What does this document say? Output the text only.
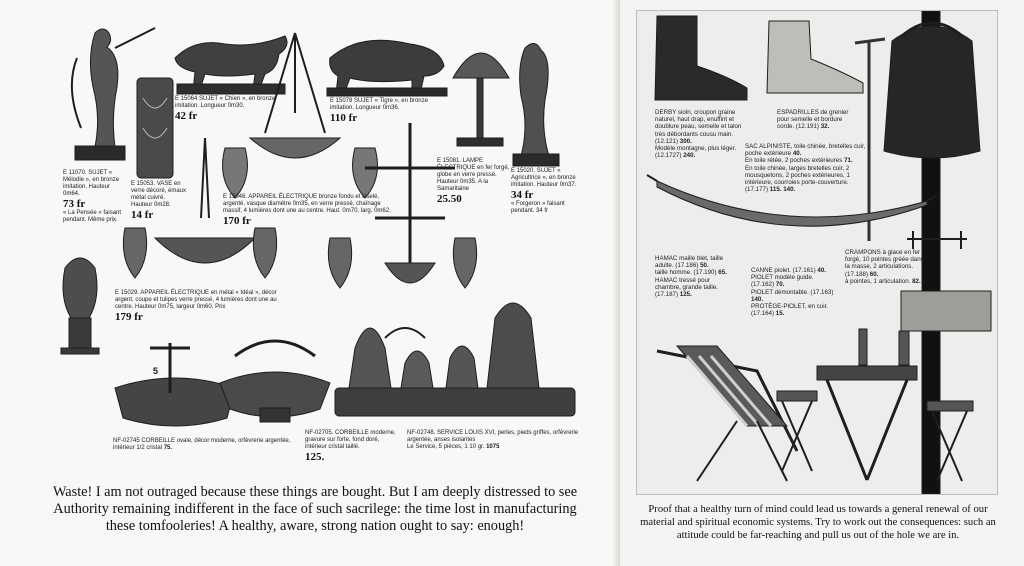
E 11070. SUJET « Mélodie », en bronze imitation. Hauteur 0m64.
73 fr
« La Pensée » faisant pendant. Même prix.
E 15064 SUJET « Chien », en bronze imitation. Longueur 0m30.
42 fr
E 15053. VASE en verre décoré, émaux métal cuivré. Hauteur 0m28.
14 fr
E 15078 SUJET « Tigre », en bronze imitation. Longueur 0m36.
110 fr
E 15046. APPAREIL ÉLECTRIQUE bronze fondu et ciselé, argenté, vasque diamètre 0m35, en verre pressé, chaînage massif, 4 lumières dont une au centre. Haut. 0m70, larg. 0m62.
170 fr
E 15081. LAMPE ÉLECTRIQUE en fer forgé, globe en verre pressé. Hauteur 0m35. A la Samaritaine
25.50
E 15020. SUJET « Agricultrice », en bronze imitation. Hauteur 0m37.
34 fr
« Forgeron » faisant pendant. 34 fr
E 15029. APPAREIL ÉLECTRIQUE en métal « Idéal », décor argent, coupe et tulipes verre pressé, 4 lumières dont une au centre. Hauteur 0m75, largeur 0m60. Prix
179 fr
NF-02745 CORBEILLE ovale, décor moderne, orfèvrerie argentée, intérieur 1/2 cristal 75.
NF-02705. CORBEILLE moderne, gravure sur forte, fond doré, intérieur cristal taillé.
125.
NF-02748. SERVICE LOUIS XVI, perles, pieds griffes, orfèvrerie argentée, anses isolantes
Le Service, 5 pièces, 1 10 gr. 1075
5
Waste! I am not outraged because these things are bought. But I am deeply distressed to see Authority remaining indifferent in the face of such sacrilege: the time lost in manufacturing these tomfooleries! A healthy, aware, strong nation ought to say: enough!
DERBY sioln, croupon graine naturel, haut drap, enuffint et doublure peau, semelle et talon très débordants cousu main. (12.121) 300.
Modèle montagne, plus léger. (12.1727) 240.
ESPADRILLES de grenier pour semelle et bordure corde. (12.191) 32.
SAC ALPINISTE, toile chinée, bretelles cuir, 1 poche extérieure 40.
En toile rétée, 2 poches extérieures 71.
En toile chinée, larges bretelles cuir, 2 mousquetons, 2 poches extérieures, 1 intérieure, courroies porte-couverture. (17.177) 115. 140.
HAMAC maille blet, taille adulte. (17.186) 50.
taille homme. (17.190) 65.
HAMAC tressé pour chambre, grande taille. (17.187) 125.
CANNE piolet. (17.161) 40.
PIOLET modèle guide. (17.162) 70.
PIOLET démontable. (17.163) 140.
PROTÈGE-PIOLET, en cuir. (17.164) 15.
CRAMPONS à glace en fer forgé, 10 pointes gréée dans la masse, 2 articulations. (17.188) 60.
à pointes, 1 articulation. 82.
Proof that a healthy turn of mind could lead us towards a general renewal of our material and spiritual economic systems. Try to work out the consequences: such an attitude could be far-reaching and pull us out of the hole we are in.
